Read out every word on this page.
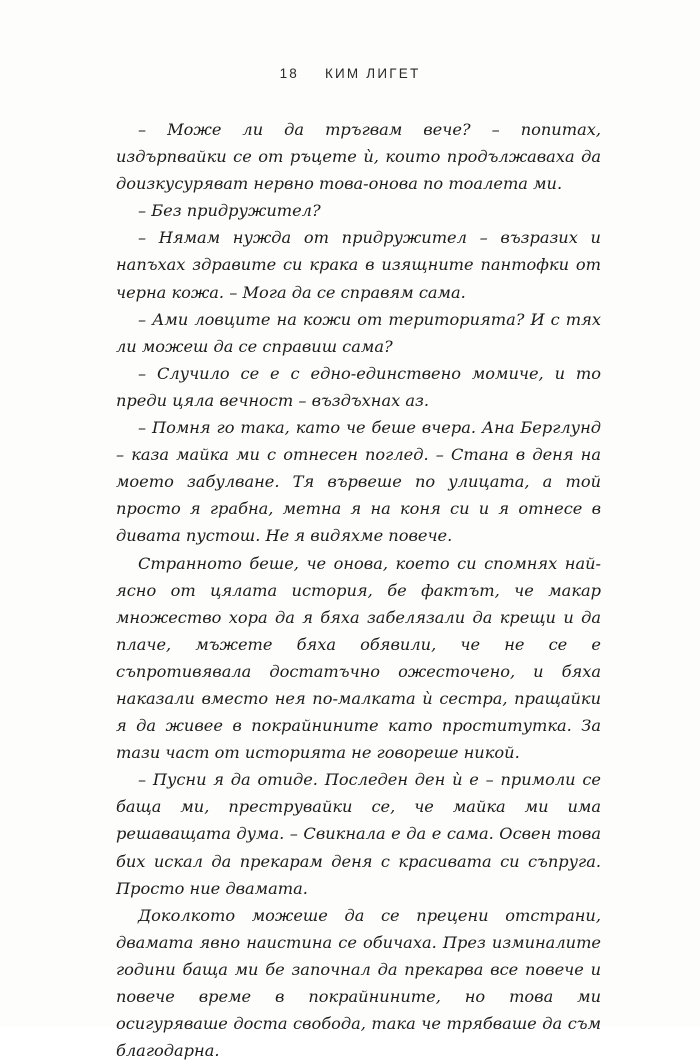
18 КИМ ЛИГЕТ

– Може ли да тръгвам вече? – попитах, издърпвайки се от ръцете ѝ, които продължаваха да доизкусуряват нервно това-онова по тоалета ми.

– Без придружител?

– Нямам нужда от придружител – възразих и напъхах здравите си крака в изящните пантофки от черна кожа. – Мога да се справям сама.

– Ами ловците на кожи от територията? И с тях ли можеш да се справиш сама?

– Случило се е с едно-единствено момиче, и то преди цяла вечност – въздъхнах аз.

– Помня го така, като че беше вчера. Ана Берглунд – каза майка ми с отнесен поглед. – Стана в деня на моето забулване. Тя вървеше по улицата, а той просто я грабна, метна я на коня си и я отнесе в дивата пустош. Не я видяхме повече.

Странното беше, че онова, което си спомнях най-ясно от цялата история, бе фактът, че макар множество хора да я бяха забелязали да крещи и да плаче, мъжете бяха обявили, че не се е съпротивявала достатъчно ожесточено, и бяха наказали вместо нея по-малката ѝ сестра, пращайки я да живее в покрайнините като проститутка. За тази част от историята не говореше никой.

– Пусни я да отиде. Последен ден ѝ е – примоли се баща ми, преструвайки се, че майка ми има решаващата дума. – Свикнала е да е сама. Освен това бих искал да прекарам деня с красивата си съпруга. Просто ние двамата.

Доколкото можеше да се прецени отстрани, двамата явно наистина се обичаха. През изминалите години баща ми бе започнал да прекарва все повече и повече време в покрайнините, но това ми осигуряваше доста свобода, така че трябваше да съм благодарна.
